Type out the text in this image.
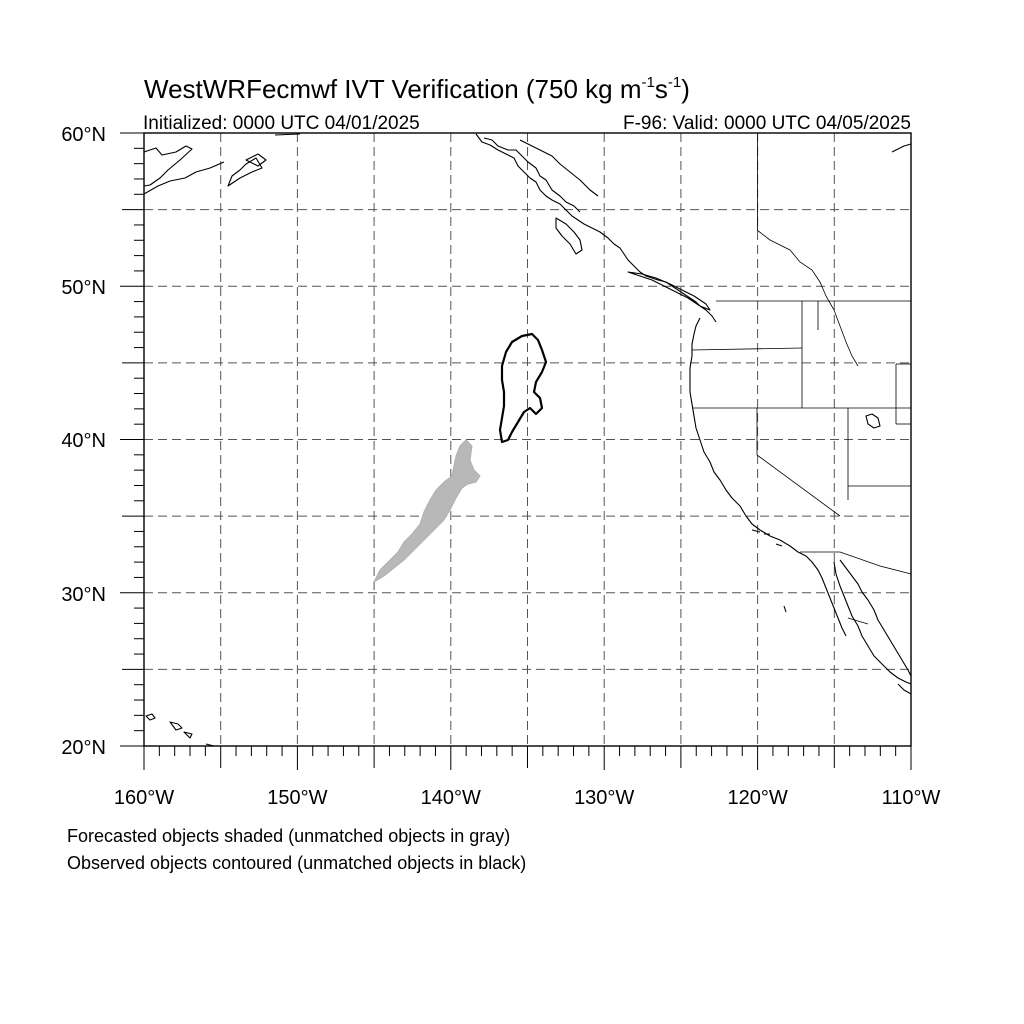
WestWRFecmwf IVT Verification (750 kg $m^{-1}s^{-1}$)
Initialized: 0000 UTC 04/01/2025	F-96: Valid: 0000 UTC 04/05/2025
160°W	150°W	140°W	130°W	120°W	110°W
60°N
50°N
40°N
30°N
20°N
Forecasted objects shaded (unmatched objects in gray)
Observed objects contoured (unmatched objects in black)
